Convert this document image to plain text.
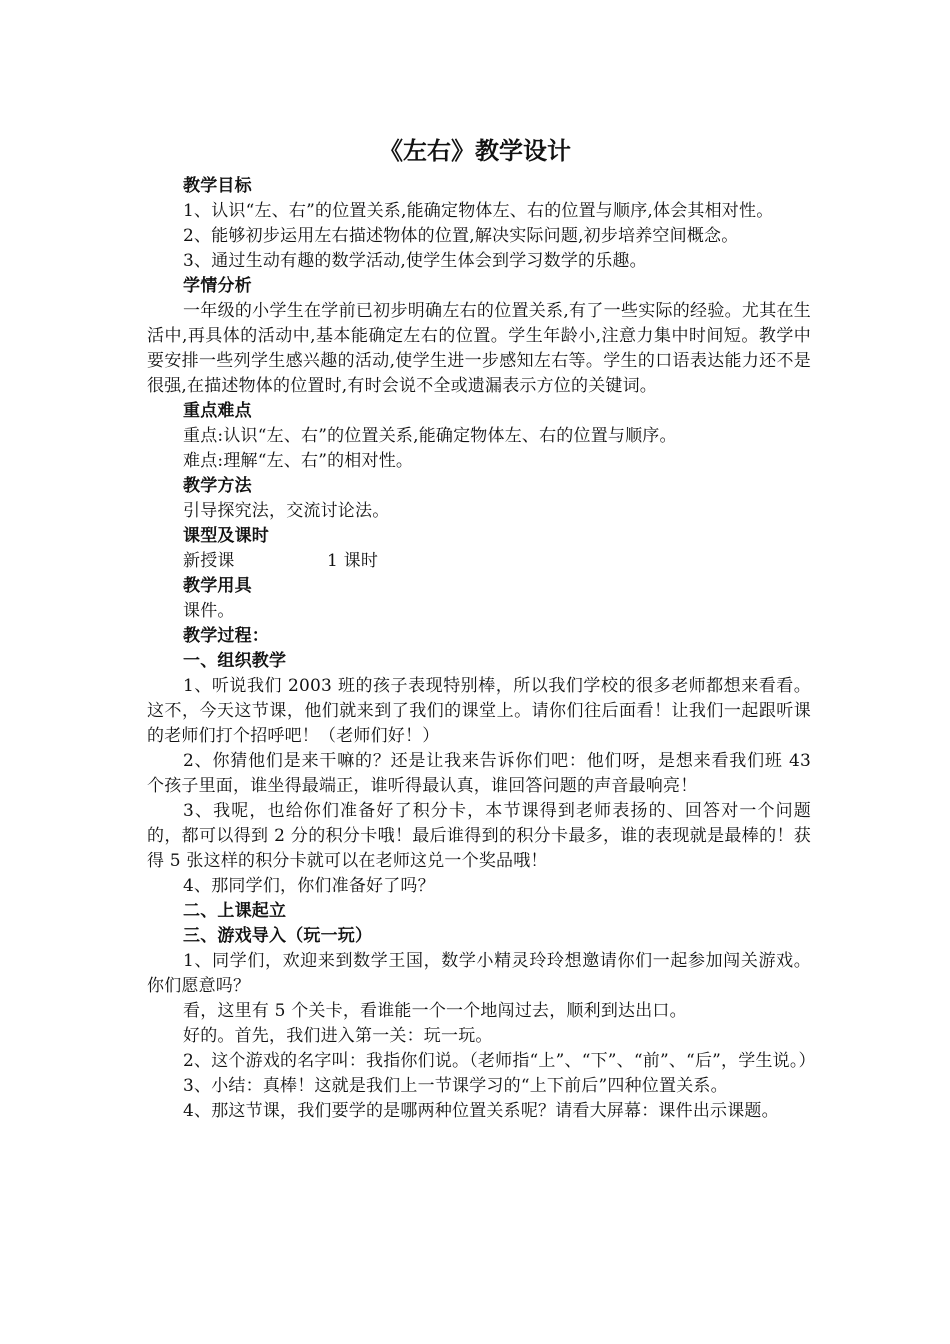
《左右》教学设计

教学目标

1、认识“左、右”的位置关系,能确定物体左、右的位置与顺序,体会其相对性。

2、能够初步运用左右描述物体的位置,解决实际问题,初步培养空间概念。

3、通过生动有趣的数学活动,使学生体会到学习数学的乐趣。

学情分析

一年级的小学生在学前已初步明确左右的位置关系,有了一些实际的经验。尤其在生活中,再具体的活动中,基本能确定左右的位置。学生年龄小,注意力集中时间短。教学中要安排一些列学生感兴趣的活动,使学生进一步感知左右等。学生的口语表达能力还不是很强,在描述物体的位置时,有时会说不全或遗漏表示方位的关键词。

重点难点

重点:认识“左、右”的位置关系,能确定物体左、右的位置与顺序。

难点:理解“左、右”的相对性。

教学方法

引导探究法，交流讨论法。

课型及课时

新授课	1 课时

教学用具

课件。

教学过程：

一、组织教学

1、听说我们 2003 班的孩子表现特别棒，所以我们学校的很多老师都想来看看。这不，今天这节课，他们就来到了我们的课堂上。请你们往后面看！让我们一起跟听课的老师们打个招呼吧！（老师们好！）

2、你猜他们是来干嘛的？还是让我来告诉你们吧：他们呀，是想来看我们班 43 个孩子里面，谁坐得最端正，谁听得最认真，谁回答问题的声音最响亮！

3、我呢，也给你们准备好了积分卡，本节课得到老师表扬的、回答对一个问题的，都可以得到 2 分的积分卡哦！最后谁得到的积分卡最多，谁的表现就是最棒的！获得 5 张这样的积分卡就可以在老师这兑一个奖品哦！

4、那同学们，你们准备好了吗？

二、上课起立

三、游戏导入（玩一玩）

1、同学们，欢迎来到数学王国，数学小精灵玲玲想邀请你们一起参加闯关游戏。你们愿意吗？

看，这里有 5 个关卡，看谁能一个一个地闯过去，顺利到达出口。

好的。首先，我们进入第一关：玩一玩。

2、这个游戏的名字叫：我指你们说。（老师指“上”、“下”、“前”、“后”，学生说。）

3、小结：真棒！这就是我们上一节课学习的“上下前后”四种位置关系。

4、那这节课，我们要学的是哪两种位置关系呢？请看大屏幕：课件出示课题。
